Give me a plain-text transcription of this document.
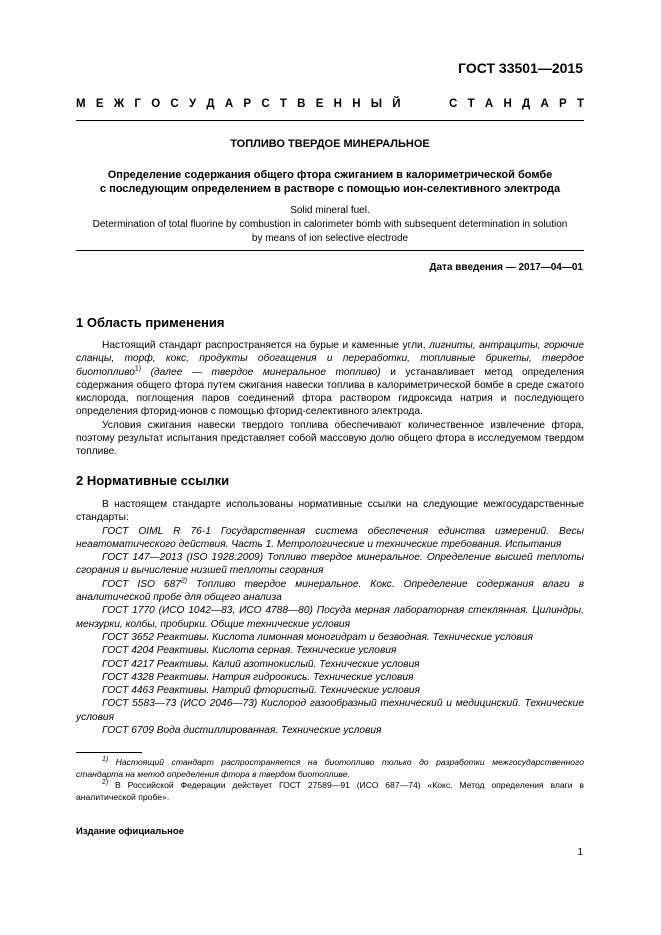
ГОСТ 33501—2015
М Е Ж Г О С У Д А Р С Т В Е Н Н Ы Й	С Т А Н Д А Р Т
ТОПЛИВО ТВЕРДОЕ МИНЕРАЛЬНОЕ
Определение содержания общего фтора сжиганием в калориметрической бомбе
с последующим определением в растворе с помощью ион-селективного электрода
Solid mineral fuel.
Determination of total fluorine by combustion in calorimeter bomb with subsequent determination in solution
by means of ion selective electrode
Дата введения — 2017—04—01
1 Область применения

Настоящий стандарт распространяется на бурые и каменные угли, лигниты, антрациты, горючие сланцы, торф, кокс, продукты обогащения и переработки, топливные брикеты, твердое биотопливо$^{1)}$ (далее — твердое минеральное топливо) и устанавливает метод определения содержания общего фтора путем сжигания навески топлива в калориметрической бомбе в среде сжатого кислорода, поглощения паров соединений фтора раствором гидроксида натрия и последующего определения фторид-ионов с помощью фторид-селективного электрода.

Условия сжигания навески твердого топлива обеспечивают количественное извлечение фтора, поэтому результат испытания представляет собой массовую долю общего фтора в исследуемом твердом топливе.

2 Нормативные ссылки

В настоящем стандарте использованы нормативные ссылки на следующие межгосударственные стандарты:

ГОСТ OIML R 76-1 Государственная система обеспечения единства измерений. Весы неавтоматического действия. Часть 1. Метрологические и технические требования. Испытания

ГОСТ 147—2013 (ISO 1928:2009) Топливо твердое минеральное. Определение высшей теплоты сгорания и вычисление низшей теплоты сгорания

ГОСТ ISO 687$^{2)}$ Топливо твердое минеральное. Кокс. Определение содержания влаги в аналитической пробе для общего анализа

ГОСТ 1770 (ИСО 1042—83, ИСО 4788—80) Посуда мерная лабораторная стеклянная. Цилиндры, мензурки, колбы, пробирки. Общие технические условия

ГОСТ 3652 Реактивы. Кислота лимонная моногидрат и безводная. Технические условия

ГОСТ 4204 Реактивы. Кислота серная. Технические условия

ГОСТ 4217 Реактивы. Калий азотнокислый. Технические условия

ГОСТ 4328 Реактивы. Натрия гидроокись. Технические условия

ГОСТ 4463 Реактивы. Натрий фтористый. Технические условия

ГОСТ 5583—73 (ИСО 2046—73) Кислород газообразный технический и медицинский. Технические условия

ГОСТ 6709 Вода дистиллированная. Технические условия

$^{1)}$ Настоящий стандарт распространяется на биотопливо только до разработки межгосударственного стандарта на метод определения фтора в твердом биотопливе.

$^{2)}$ В Российской Федерации действует ГОСТ 27589—91 (ИСО 687—74) «Кокс. Метод определения влаги в аналитической пробе».

Издание официальное
1
